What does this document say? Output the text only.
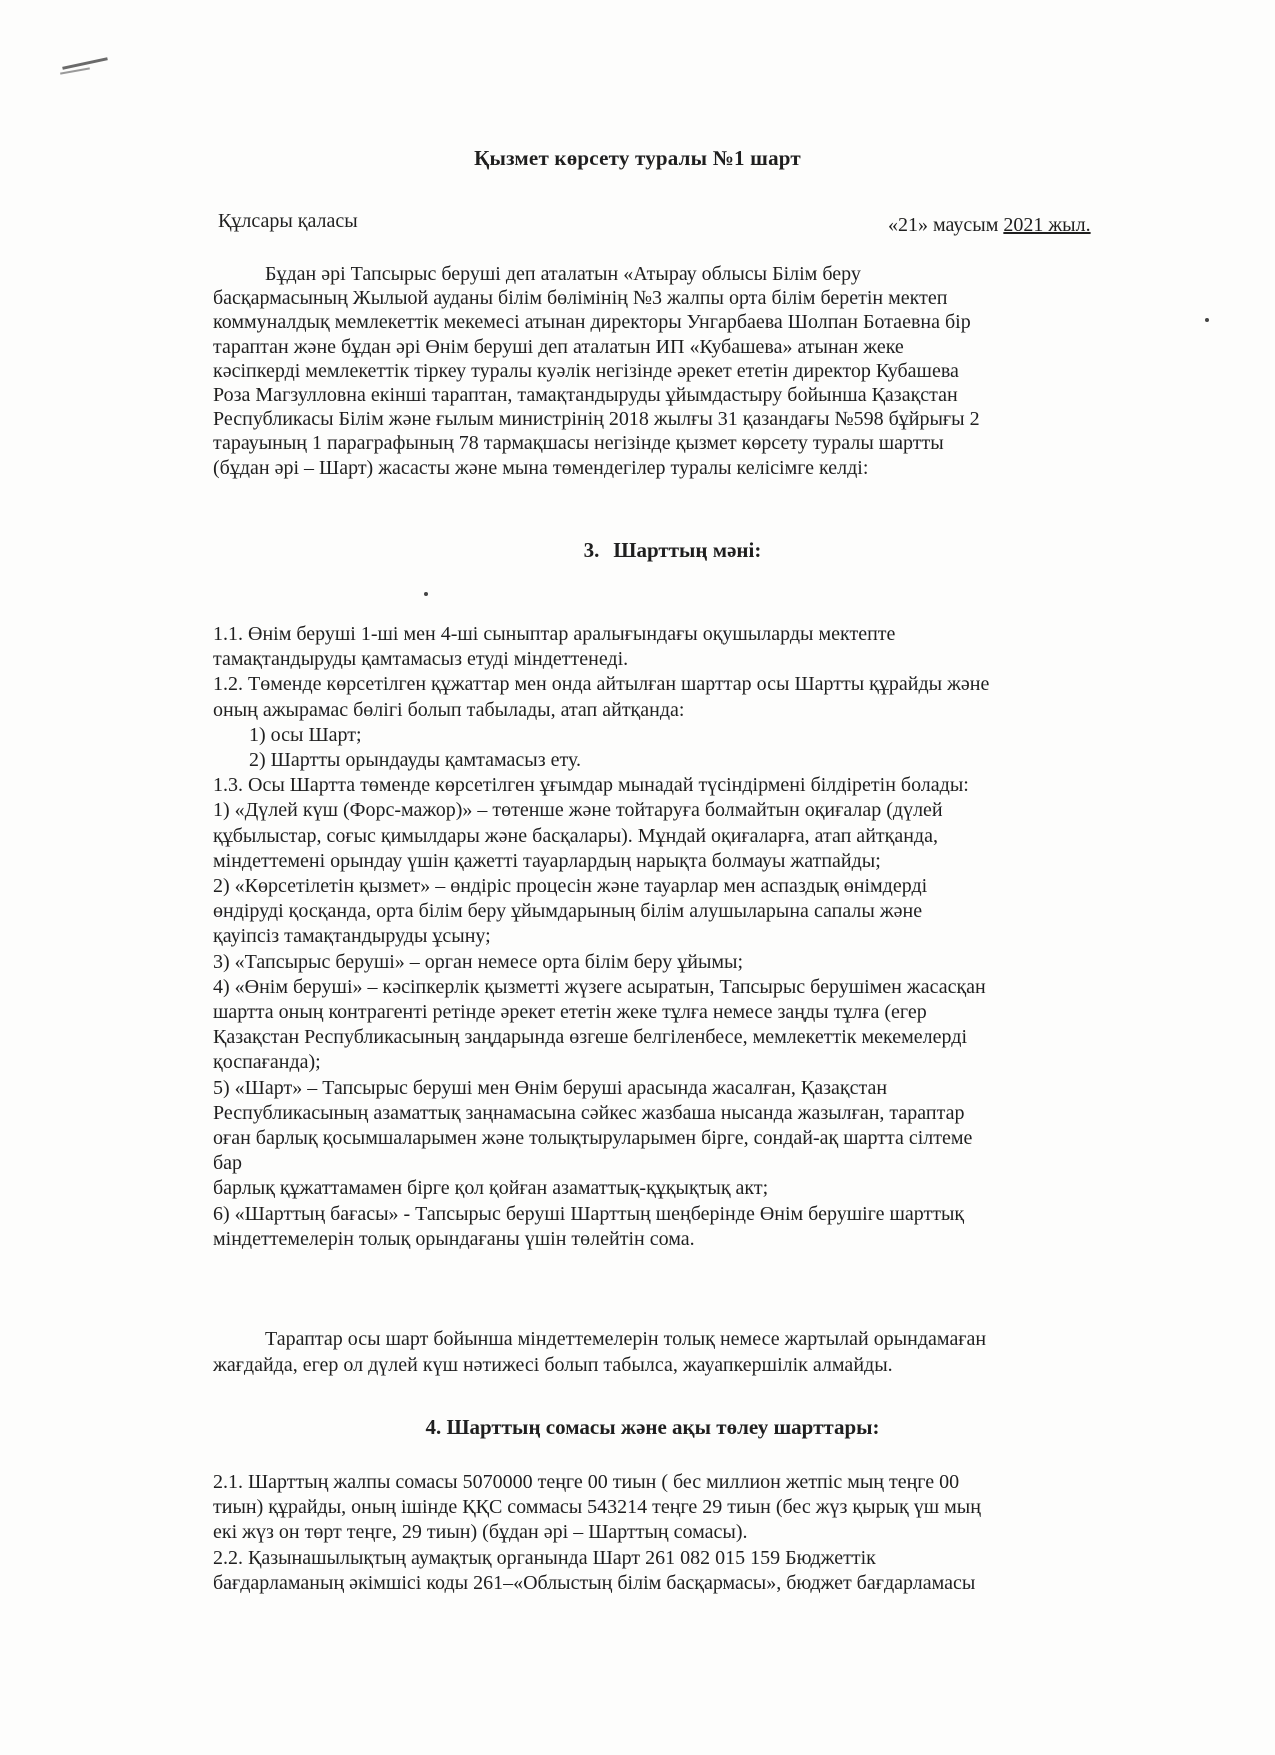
Қызмет көрсету туралы №1 шарт
Құлсары қаласы	«21» маусым 2021 жыл.
Бұдан әрі Тапсырыс беруші деп аталатын «Атырау облысы Білім беру
басқармасының Жылыой ауданы білім бөлімінің №3 жалпы орта білім беретін мектеп
коммуналдық мемлекеттік мекемесі атынан директоры Унгарбаева Шолпан Ботаевна бір
тараптан және бұдан әрі Өнім беруші деп аталатын ИП «Кубашева» атынан жеке
кәсіпкерді мемлекеттік тіркеу туралы куәлік негізінде әрекет ететін директор Кубашева
Роза Магзулловна екінші тараптан, тамақтандыруды ұйымдастыру бойынша Қазақстан
Республикасы Білім және ғылым министрінің 2018 жылғы 31 қазандағы №598 бұйрығы 2
тарауының 1 параграфының 78 тармақшасы негізінде қызмет көрсету туралы шартты
(бұдан әрі – Шарт) жасасты және мына төмендегілер туралы келісімге келді:
3. Шарттың мәні:
1.1. Өнім беруші 1-ші мен 4-ші сыныптар аралығындағы оқушыларды мектепте
тамақтандыруды қамтамасыз етуді міндеттенеді.
1.2. Төменде көрсетілген құжаттар мен онда айтылған шарттар осы Шартты құрайды және
оның ажырамас бөлігі болып табылады, атап айтқанда:
1) осы Шарт;
2) Шартты орындауды қамтамасыз ету.
1.3. Осы Шартта төменде көрсетілген ұғымдар мынадай түсіндірмені білдіретін болады:
1) «Дүлей күш (Форс-мажор)» – төтенше және тойтаруға болмайтын оқиғалар (дүлей
құбылыстар, соғыс қимылдары және басқалары). Мұндай оқиғаларға, атап айтқанда,
міндеттемені орындау үшін қажетті тауарлардың нарықта болмауы жатпайды;
2) «Көрсетілетін қызмет» – өндіріс процесін және тауарлар мен аспаздық өнімдерді
өндіруді қосқанда, орта білім беру ұйымдарының білім алушыларына сапалы және
қауіпсіз тамақтандыруды ұсыну;
3) «Тапсырыс беруші» – орган немесе орта білім беру ұйымы;
4) «Өнім беруші» – кәсіпкерлік қызметті жүзеге асыратын, Тапсырыс берушімен жасасқан
шартта оның контрагенті ретінде әрекет ететін жеке тұлға немесе заңды тұлға (егер
Қазақстан Республикасының заңдарында өзгеше белгіленбесе, мемлекеттік мекемелерді
қоспағанда);
5) «Шарт» – Тапсырыс беруші мен Өнім беруші арасында жасалған, Қазақстан
Республикасының азаматтық заңнамасына сәйкес жазбаша нысанда жазылған, тараптар
оған барлық қосымшаларымен және толықтыруларымен бірге, сондай-ақ шартта сілтеме
бар
барлық құжаттамамен бірге қол қойған азаматтық-құқықтық акт;
6) «Шарттың бағасы» - Тапсырыс беруші Шарттың шеңберінде Өнім берушіге шарттық
міндеттемелерін толық орындағаны үшін төлейтін сома.
Тараптар осы шарт бойынша міндеттемелерін толық немесе жартылай орындамаған
жағдайда, егер ол дүлей күш нәтижесі болып табылса, жауапкершілік алмайды.
4. Шарттың сомасы және ақы төлеу шарттары:
2.1. Шарттың жалпы сомасы 5070000 теңге 00 тиын ( бес миллион жетпіс мың теңге 00
тиын) құрайды, оның ішінде ҚҚС соммасы 543214 теңге 29 тиын (бес жүз қырық үш мың
екі жүз он төрт теңге, 29 тиын) (бұдан әрі – Шарттың сомасы).
2.2. Қазынашылықтың аумақтық органында Шарт 261 082 015 159 Бюджеттік
бағдарламаның әкімшісі коды 261–«Облыстың білім басқармасы», бюджет бағдарламасы
